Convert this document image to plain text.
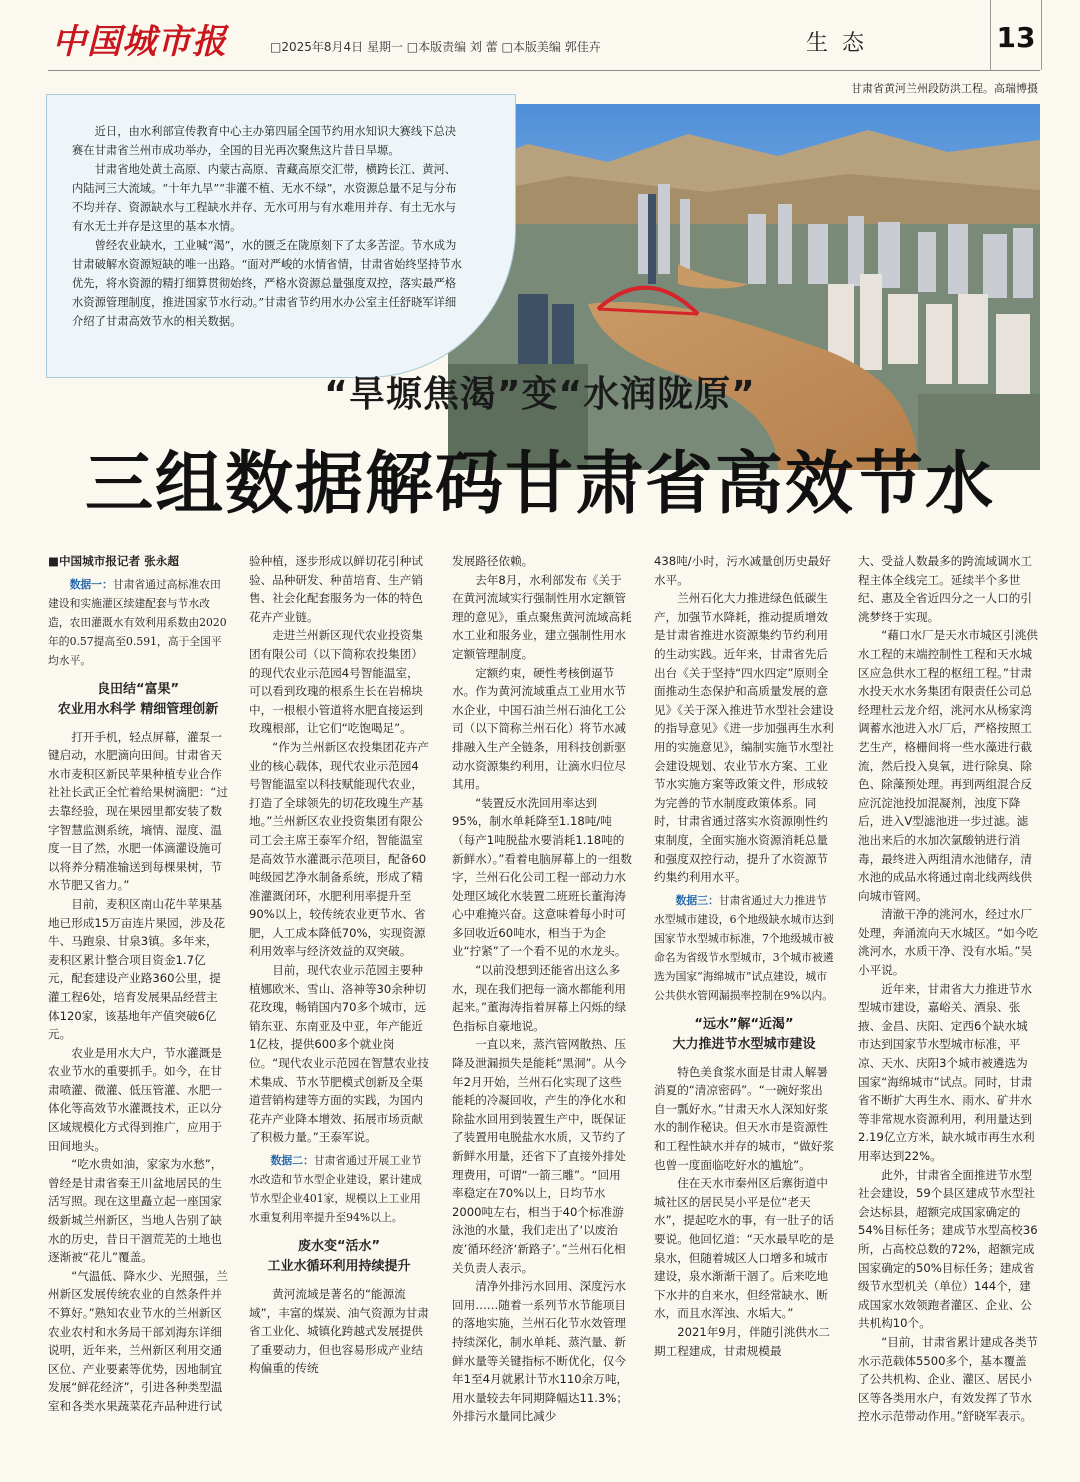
中国城市报	□2025年8月4日 星期一 □本版责编 刘 蕾 □本版美编 郭佳卉	生态	13
甘肃省黄河兰州段防洪工程。高瑞博摄

近日，由水利部宣传教育中心主办第四届全国节约用水知识大赛线下总决赛在甘肃省兰州市成功举办，全国的目光再次聚焦这片昔日旱塬。

甘肃省地处黄土高原、内蒙古高原、青藏高原交汇带，横跨长江、黄河、内陆河三大流域。“十年九旱”“非灌不植、无水不绿”，水资源总量不足与分布不均并存、资源缺水与工程缺水并存、无水可用与有水难用并存、有土无水与有水无土并存是这里的基本水情。

曾经农业缺水，工业喊“渴”，水的匮乏在陇原刻下了太多苦涩。节水成为甘肃破解水资源短缺的唯一出路。“面对严峻的水情省情，甘肃省始终坚持节水优先，将水资源的精打细算贯彻始终，严格水资源总量强度双控，落实最严格水资源管理制度，推进国家节水行动。”甘肃省节约用水办公室主任舒晓军详细介绍了甘肃高效节水的相关数据。

“旱塬焦渴”变“水润陇原”
三组数据解码甘肃省高效节水

■中国城市报记者 张永超

数据一：甘肃省通过高标准农田建设和实施灌区续建配套与节水改造，农田灌溉水有效利用系数由2020年的0.57提高至0.591，高于全国平均水平。
良田结“富果”
农业用水科学 精细管理创新

打开手机，轻点屏幕，灌泵一键启动，水肥滴向田间。甘肃省天水市麦积区新民苹果种植专业合作社社长武正全忙着给果树滴肥：“过去靠经验，现在果园里都安装了数字智慧监测系统，墒情、湿度、温度一目了然，水肥一体滴灌设施可以将养分精准输送到每棵果树，节水节肥又省力。”

目前，麦积区南山花牛苹果基地已形成15万亩连片果园，涉及花牛、马跑泉、甘泉3镇。多年来，麦积区累计整合项目资金1.7亿元，配套建设产业路360公里，提灌工程6处，培育发展果品经营主体120家，该基地年产值突破6亿元。

农业是用水大户，节水灌溉是农业节水的重要抓手。如今，在甘肃喷灌、微灌、低压管灌、水肥一体化等高效节水灌溉技术，正以分区域规模化方式得到推广，应用于田间地头。

“吃水贵如油，家家为水愁”，曾经是甘肃省秦王川盆地居民的生活写照。现在这里矗立起一座国家级新城兰州新区，当地人告别了缺水的历史，昔日干涸荒芜的土地也逐渐被“花儿”覆盖。

“气温低、降水少、光照强，兰州新区发展传统农业的自然条件并不算好。”熟知农业节水的兰州新区农业农村和水务局干部刘海东详细说明，近年来，兰州新区利用交通区位、产业要素等优势，因地制宜发展“鲜花经济”，引进各种类型温室和各类水果蔬菜花卉品种进行试

验种植，逐步形成以鲜切花引种试验、品种研发、种苗培育、生产销售、社会化配套服务为一体的特色花卉产业链。

走进兰州新区现代农业投资集团有限公司（以下简称农投集团）的现代农业示范园4号智能温室，可以看到玫瑰的根系生长在岩棉块中，一根根小管道将水肥直接运到玫瑰根部，让它们“吃饱喝足”。

“作为兰州新区农投集团花卉产业的核心载体，现代农业示范园4号智能温室以科技赋能现代农业，打造了全球领先的切花玫瑰生产基地。”兰州新区农业投资集团有限公司工会主席王泰军介绍，智能温室是高效节水灌溉示范项目，配备60吨级园艺净水制备系统，形成了精准灌溉闭环，水肥利用率提升至90%以上，较传统农业更节水、省肥，人工成本降低70%，实现资源利用效率与经济效益的双突破。

目前，现代农业示范园主要种植娜欧米、雪山、洛神等30余种切花玫瑰，畅销国内70多个城市，远销东亚、东南亚及中亚，年产能近1亿枝，提供600多个就业岗位。“现代农业示范园在智慧农业技术集成、节水节肥模式创新及全渠道营销构建等方面的实践，为国内花卉产业降本增效、拓展市场贡献了积极力量。”王泰军说。

数据二：甘肃省通过开展工业节水改造和节水型企业建设，累计建成节水型企业401家，规模以上工业用水重复利用率提升至94%以上。
废水变“活水”
工业水循环利用持续提升

黄河流域是著名的“能源流域”，丰富的煤炭、油气资源为甘肃省工业化、城镇化跨越式发展提供了重要动力，但也容易形成产业结构偏重的传统

发展路径依赖。

去年8月，水利部发布《关于在黄河流域实行强制性用水定额管理的意见》，重点聚焦黄河流域高耗水工业和服务业，建立强制性用水定额管理制度。

定额约束，硬性考核倒逼节水。作为黄河流域重点工业用水节水企业，中国石油兰州石油化工公司（以下简称兰州石化）将节水减排融入生产全链条，用科技创新驱动水资源集约利用，让滴水归位尽其用。

“装置反水洗回用率达到95%，制水单耗降至1.18吨/吨（每产1吨脱盐水要消耗1.18吨的新鲜水）。”看着电脑屏幕上的一组数字，兰州石化公司工程一部动力水处理区域化水装置二班班长董海涛心中难掩兴奋。这意味着每小时可多回收近60吨水，相当于为企业“拧紧”了一个看不见的水龙头。

“以前没想到还能省出这么多水，现在我们把每一滴水都能利用起来。”董海涛指着屏幕上闪烁的绿色指标自豪地说。

一直以来，蒸汽管网散热、压降及泄漏损失是能耗“黑洞”。从今年2月开始，兰州石化实现了这些能耗的冷凝回收，产生的净化水和除盐水回用到装置生产中，既保证了装置用电脱盐水水质，又节约了新鲜水用量，还省下了直接外排处理费用，可谓“一箭三雕”。“回用率稳定在70%以上，日均节水2000吨左右，相当于40个标准游泳池的水量，我们走出了‘以废治废’循环经济‘新路子’。”兰州石化相关负责人表示。

清净外排污水回用、深度污水回用……随着一系列节水节能项目的落地实施，兰州石化节水效管理持续深化，制水单耗、蒸汽量、新鲜水量等关键指标不断优化，仅今年1至4月就累计节水110余万吨，用水量较去年同期降幅达11.3%；外排污水量同比减少

438吨/小时，污水减量创历史最好水平。

兰州石化大力推进绿色低碳生产，加强节水降耗，推动提质增效是甘肃省推进水资源集约节约利用的生动实践。近年来，甘肃省先后出台《关于坚持“四水四定”原则全面推动生态保护和高质量发展的意见》《关于深入推进节水型社会建设的指导意见》《进一步加强再生水利用的实施意见》，编制实施节水型社会建设规划、农业节水方案、工业节水实施方案等政策文件，形成较为完善的节水制度政策体系。同时，甘肃省通过落实水资源刚性约束制度，全面实施水资源消耗总量和强度双控行动，提升了水资源节约集约利用水平。

数据三：甘肃省通过大力推进节水型城市建设，6个地级缺水城市达到国家节水型城市标准，7个地级城市被命名为省级节水型城市，3个城市被遴选为国家“海绵城市”试点建设，城市公共供水管网漏损率控制在9%以内。
“远水”解“近渴”
大力推进节水型城市建设

特色美食浆水面是甘肃人解暑消夏的“清凉密码”。“一碗好浆出自一瓢好水。”甘肃天水人深知好浆水的制作秘诀。但天水市是资源性和工程性缺水并存的城市，“做好浆也曾一度面临吃好水的尴尬”。

住在天水市秦州区后寨街道中城社区的居民吴小平是位“老天水”，提起吃水的事，有一肚子的话要说。他回忆道：“天水最早吃的是泉水，但随着城区人口增多和城市建设，泉水渐渐干涸了。后来吃地下水井的自来水，但经常缺水、断水，而且水浑浊、水垢大。”

2021年9月，伴随引洮供水二期工程建成，甘肃规模最

大、受益人数最多的跨流域调水工程主体全线完工。延续半个多世纪、惠及全省近四分之一人口的引洮梦终于实现。

“藉口水厂是天水市城区引洮供水工程的末端控制性工程和天水城区应急供水工程的枢纽工程。”甘肃水投天水水务集团有限责任公司总经理杜云龙介绍，洮河水从杨家湾调蓄水池进入水厂后，严格按照工艺生产，格栅间将一些水藻进行截流，然后投入臭氧，进行除臭、除色、除藻预处理。再到两组混合反应沉淀池投加混凝剂，浊度下降后，进入V型滤池进一步过滤。滤池出来后的水加次氯酸钠进行消毒，最终进入两组清水池储存，清水池的成品水将通过南北线两线供向城市管网。

清澈干净的洮河水，经过水厂处理，奔涌流向天水城区。“如今吃洮河水，水质干净、没有水垢。”吴小平说。

近年来，甘肃省大力推进节水型城市建设，嘉峪关、酒泉、张掖、金昌、庆阳、定西6个缺水城市达到国家节水型城市标准，平凉、天水、庆阳3个城市被遴选为国家“海绵城市”试点。同时，甘肃省不断扩大再生水、雨水、矿井水等非常规水资源利用，利用量达到2.19亿立方米，缺水城市再生水利用率达到22%。

此外，甘肃省全面推进节水型社会建设，59个县区建成节水型社会达标县，超额完成国家确定的54%目标任务；建成节水型高校36所，占高校总数的72%，超额完成国家确定的50%目标任务；建成省级节水型机关（单位）144个，建成国家水效领跑者灌区、企业、公共机构10个。

“目前，甘肃省累计建成各类节水示范载体5500多个，基本覆盖了公共机构、企业、灌区、居民小区等各类用水户，有效发挥了节水控水示范带动作用。”舒晓军表示。
